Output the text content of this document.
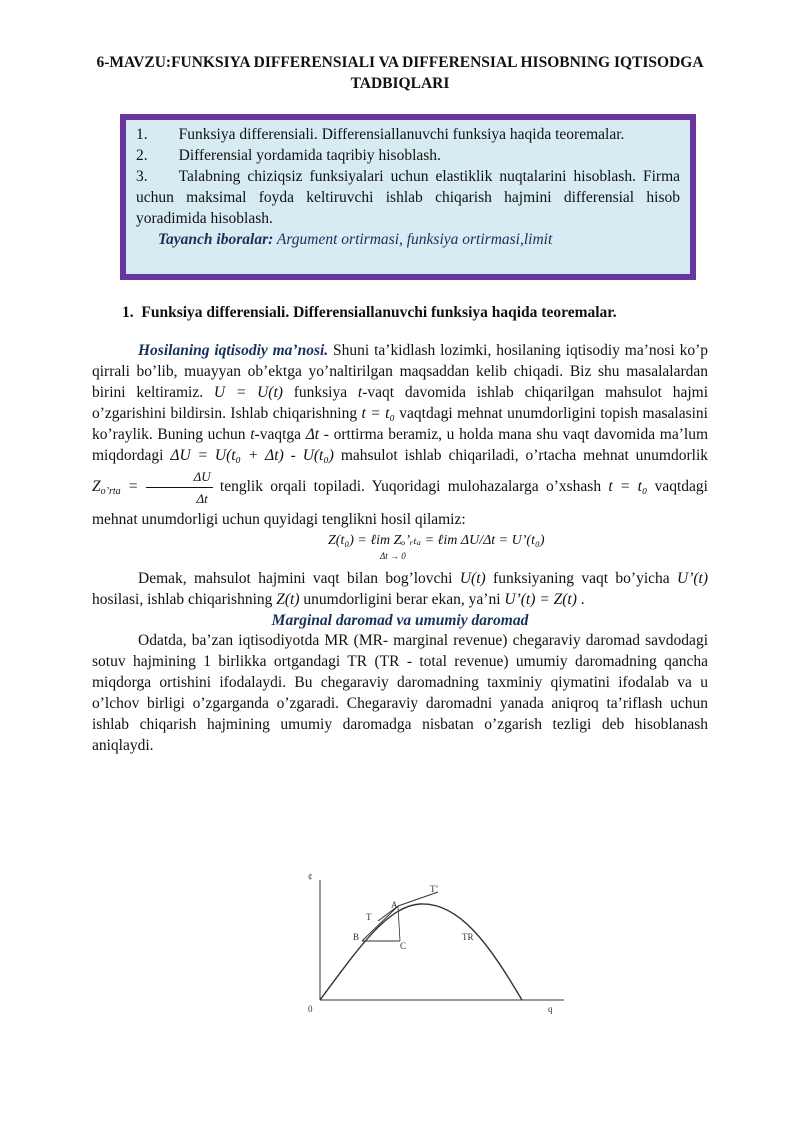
6-MAVZU:FUNKSIYA DIFFERENSIALI VA DIFFERENSIAL HISOBNING IQTISODGA TADBIQLARI

1.  Funksiya differensiali. Differensiallanuvchi funksiya haqida teoremalar.

2.  Differensial yordamida taqribiy hisoblash.

3.  Talabning chiziqsiz funksiyalari uchun elastiklik nuqtalarini hisoblash. Firma uchun maksimal foyda keltiruvchi ishlab chiqarish hajmini differensial hisob yoradimida hisoblash.

Tayanch iboralar: Argument ortirmasi, funksiya ortirmasi,limit

1.  Funksiya differensiali. Differensiallanuvchi funksiya haqida teoremalar.

Hosilaning iqtisodiy ma’nosi. Shuni ta’kidlash lozimki, hosilaning iqtisodiy ma’nosi ko’p qirrali bo’lib, muayyan ob’ektga yo’naltirilgan maqsaddan kelib chiqadi. Biz shu masalalardan birini keltiramiz. U = U(t) funksiya t-vaqt davomida ishlab chiqarilgan mahsulot hajmi o’zgarishini bildirsin. Ishlab chiqarishning t = t₀ vaqtdagi mehnat unumdorligini topish masalasini ko’raylik. Buning uchun t-vaqtga Δt - orttirma beramiz, u holda mana shu vaqt davomida ma’lum miqdordagi ΔU = U(t₀ + Δt) - U(t₀) mahsulot ishlab chiqariladi, o’rtacha mehnat unumdorlik $Z_{o’rta} = \frac{\Delta U}{\Delta t}$ tenglik orqali topiladi. Yuqoridagi mulohazalarga o’xshash t = t₀ vaqtdagi mehnat unumdorligi uchun quyidagi tenglikni hosil qilamiz:

Z(t₀) = ℓim Zₒ’ᵣₜₐ = ℓim ΔU/Δt = U’(t₀)
Δt → 0

Demak, mahsulot hajmini vaqt bilan bog’lovchi U(t) funksiyaning vaqt bo’yicha U’(t) hosilasi, ishlab chiqarishning Z(t) unumdorligini berar ekan, ya’ni U’(t) = Z(t) .

Marginal daromad va umumiy daromad

Odatda, ba’zan iqtisodiyotda MR (MR- marginal revenue) chegaraviy daromad savdodagi sotuv hajmining 1 birlikka ortgandagi TR (TR - total revenue) umumiy daromadning qancha miqdorga ortishini ifodalaydi. Bu chegaraviy daromadning taxminiy qiymatini ifodalab va u o’lchov birligi o’zgarganda o’zgaradi. Chegaraviy daromadni yanada aniqroq ta’riflash uchun ishlab chiqarish hajmining umumiy daromadga nisbatan o’zgarish tezligi deb hisoblanash aniqlaydi.

¢
q
0
T
T’
A
B
C
TR
